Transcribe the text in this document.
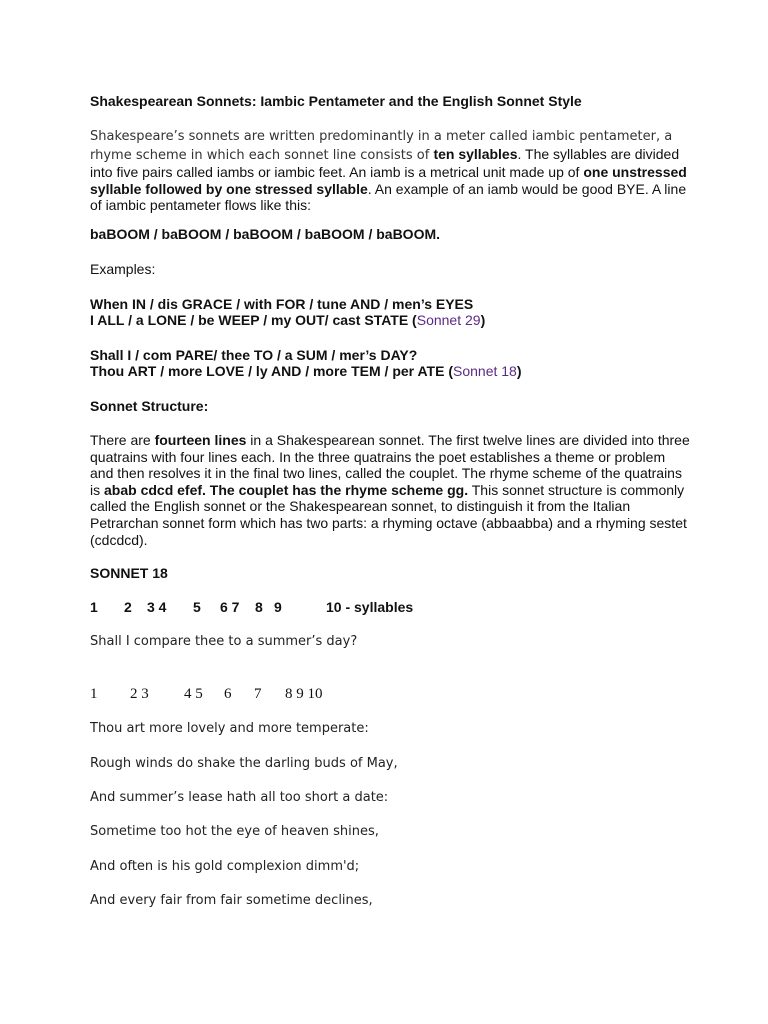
Shakespearean Sonnets: Iambic Pentameter and the English Sonnet Style

Shakespeare’s sonnets are written predominantly in a meter called iambic pentameter, a rhyme scheme in which each sonnet line consists of ten syllables. The syllables are divided into five pairs called iambs or iambic feet. An iamb is a metrical unit made up of one unstressed syllable followed by one stressed syllable. An example of an iamb would be good BYE. A line of iambic pentameter flows like this:

baBOOM / baBOOM / baBOOM / baBOOM / baBOOM.

Examples:

When IN / dis GRACE / with FOR / tune AND / men’s EYES

I ALL / a LONE / be WEEP / my OUT/ cast STATE (Sonnet 29)

Shall I / com PARE/ thee TO / a SUM / mer’s DAY?

Thou ART / more LOVE / ly AND / more TEM / per ATE (Sonnet 18)

Sonnet Structure:

There are fourteen lines in a Shakespearean sonnet. The first twelve lines are divided into three quatrains with four lines each. In the three quatrains the poet establishes a theme or problem and then resolves it in the final two lines, called the couplet. The rhyme scheme of the quatrains is abab cdcd efef. The couplet has the rhyme scheme gg. This sonnet structure is commonly called the English sonnet or the Shakespearean sonnet, to distinguish it from the Italian Petrarchan sonnet form which has two parts: a rhyming octave (abbaabba) and a rhyming sestet (cdcdcd).

SONNET 18

1 2 3 4 5 6 7 8 9	10 - syllables

Shall I compare thee to a summer’s day?

1 2 3 4 5 6 7 8 9 10

Thou art more lovely and more temperate:

Rough winds do shake the darling buds of May,

And summer’s lease hath all too short a date:

Sometime too hot the eye of heaven shines,

And often is his gold complexion dimm'd;

And every fair from fair sometime declines,
